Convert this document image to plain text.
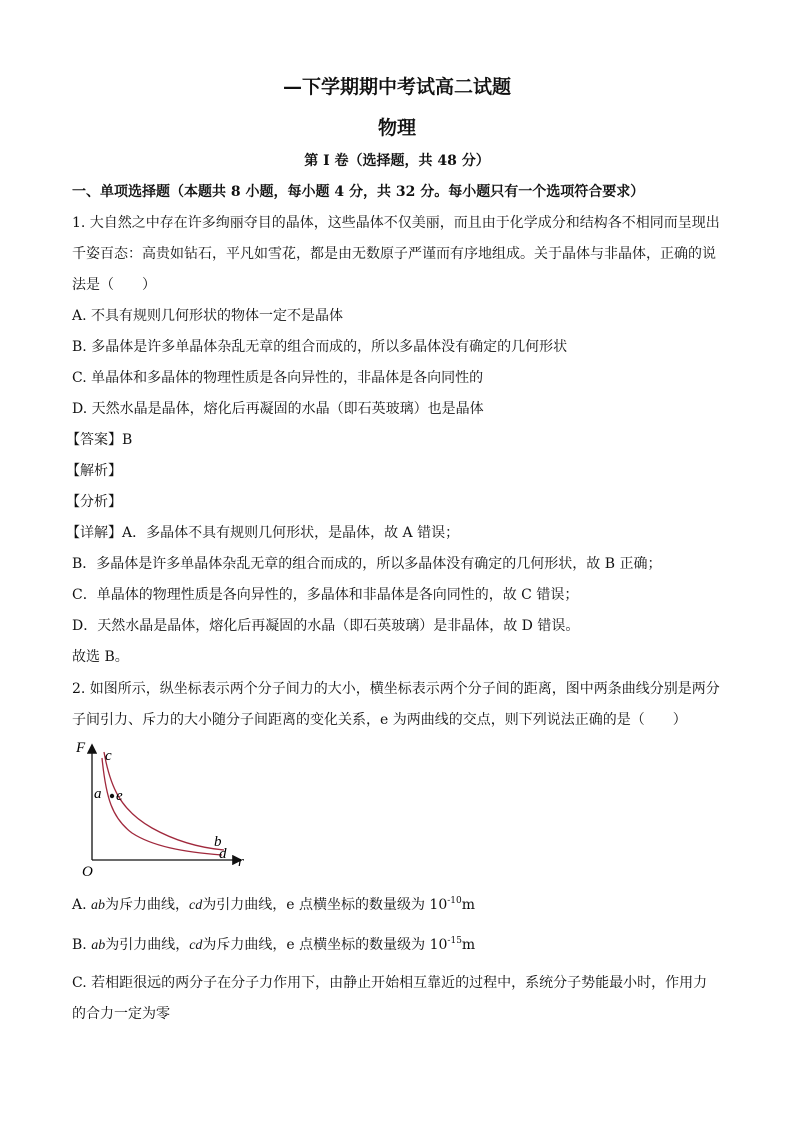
—下学期期中考试高二试题
物理
第 I 卷（选择题，共 48 分）
一、单项选择题（本题共 8 小题，每小题 4 分，共 32 分。每小题只有一个选项符合要求）
1. 大自然之中存在许多绚丽夺目的晶体，这些晶体不仅美丽，而且由于化学成分和结构各不相同而呈现出
千姿百态：高贵如钻石，平凡如雪花，都是由无数原子严谨而有序地组成。关于晶体与非晶体，正确的说
法是（　　）
A. 不具有规则几何形状的物体一定不是晶体
B. 多晶体是许多单晶体杂乱无章的组合而成的，所以多晶体没有确定的几何形状
C. 单晶体和多晶体的物理性质是各向异性的，非晶体是各向同性的
D. 天然水晶是晶体，熔化后再凝固的水晶（即石英玻璃）也是晶体
【答案】B
【解析】
【分析】
【详解】A．多晶体不具有规则几何形状，是晶体，故 A 错误；
B．多晶体是许多单晶体杂乱无章的组合而成的，所以多晶体没有确定的几何形状，故 B 正确；
C．单晶体的物理性质是各向异性的，多晶体和非晶体是各向同性的，故 C 错误；
D．天然水晶是晶体，熔化后再凝固的水晶（即石英玻璃）是非晶体，故 D 错误。
故选 B。
2. 如图所示，纵坐标表示两个分子间力的大小，横坐标表示两个分子间的距离，图中两条曲线分别是两分
子间引力、斥力的大小随分子间距离的变化关系，e 为两曲线的交点，则下列说法正确的是（　　）
F
O
r
c
a e
b
d
A. ab为斥力曲线，cd为引力曲线，e 点横坐标的数量级为 $10^{-10}m$
B. ab为引力曲线，cd为斥力曲线，e 点横坐标的数量级为 $10^{-15}m$
C. 若相距很远的两分子在分子力作用下，由静止开始相互靠近的过程中，系统分子势能最小时，作用力
的合力一定为零
